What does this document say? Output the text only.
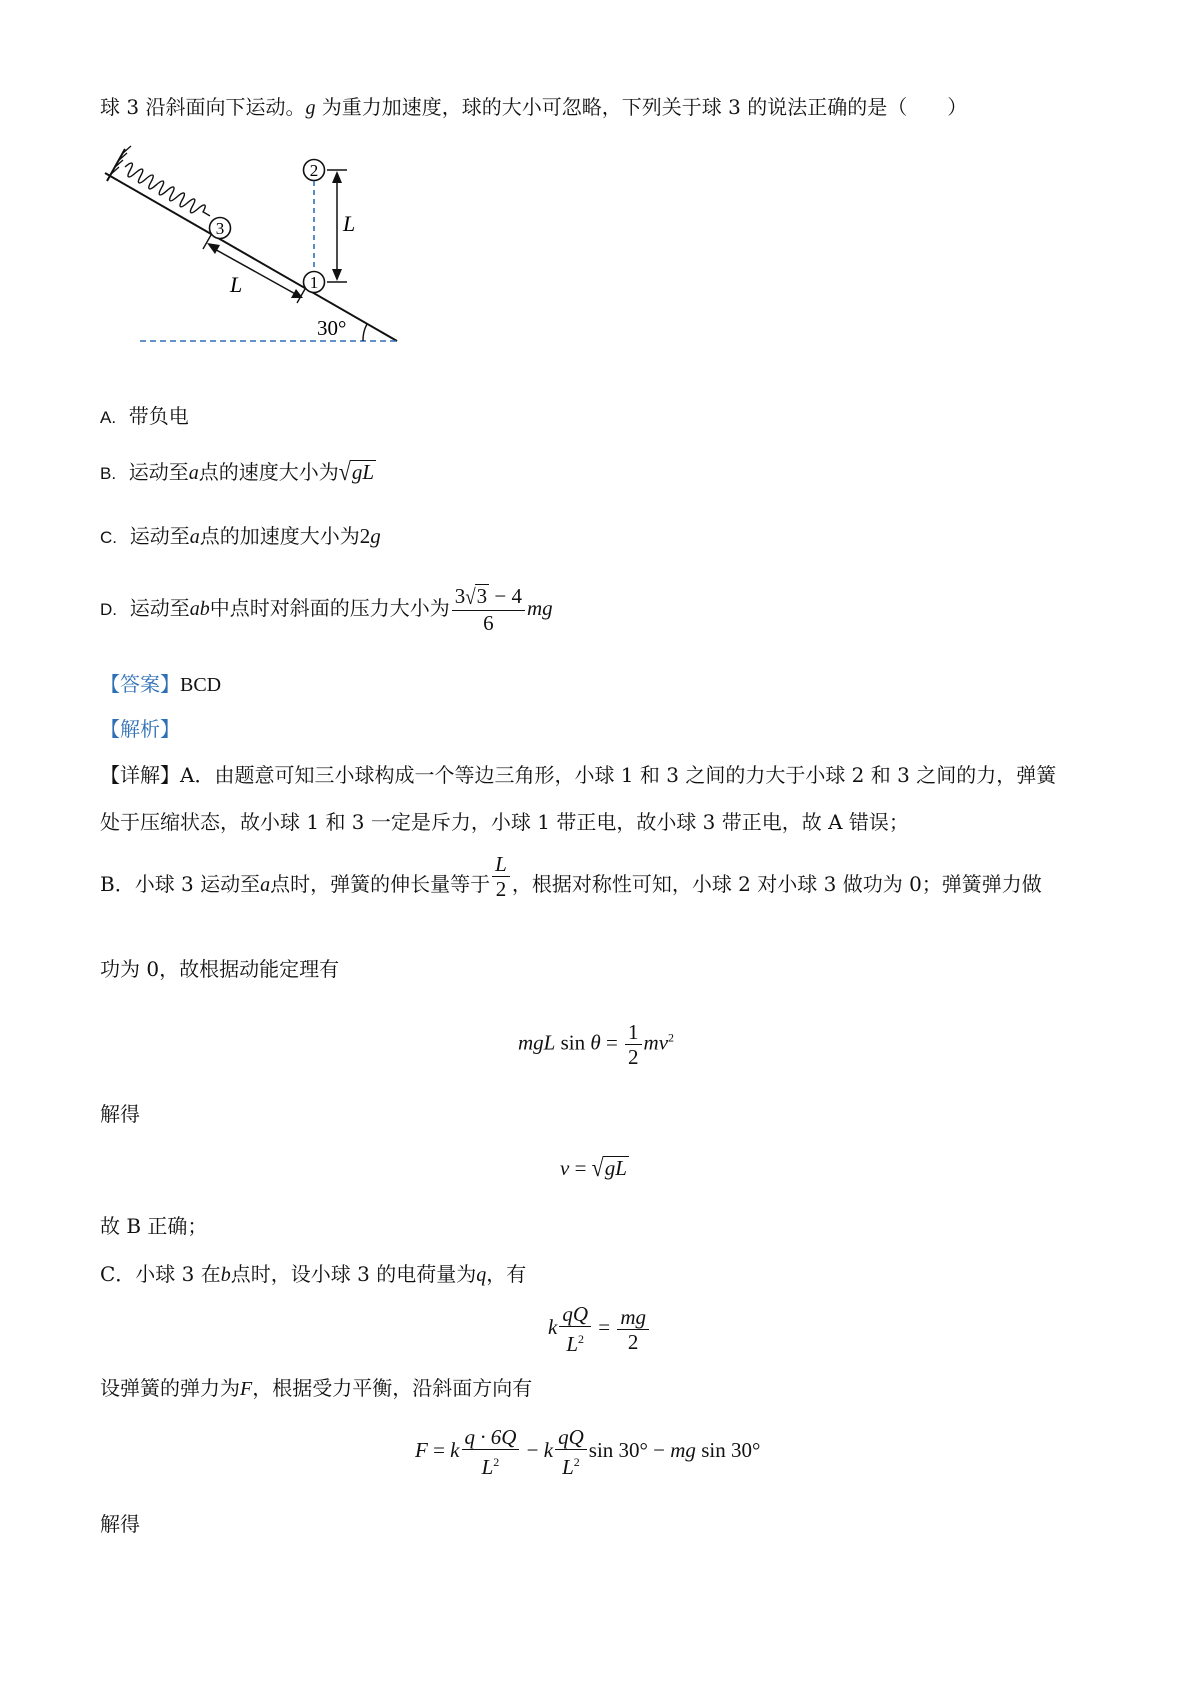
球 3 沿斜面向下运动。g 为重力加速度，球的大小可忽略，下列关于球 3 的说法正确的是（　　）
3
1
2
L
L
30°
A. 带负电
B. 运动至a点的速度大小为√gL
C. 运动至a点的加速度大小为2g
D. 运动至ab中点时对斜面的压力大小为 $\frac{3√3 - 4}{6}$ mg
【答案】BCD
【解析】
【详解】A．由题意可知三小球构成一个等边三角形，小球 1 和 3 之间的力大于小球 2 和 3 之间的力，弹簧
处于压缩状态，故小球 1 和 3 一定是斥力，小球 1 带正电，故小球 3 带正电，故 A 错误；
B．小球 3 运动至a点时，弹簧的伸长量等于 $\frac{L}{2}$ ，根据对称性可知，小球 2 对小球 3 做功为 0；弹簧弹力做
功为 0，故根据动能定理有
mgL $\sin \theta = \frac{1}{2} mv^2$
解得
v = √gL
故 B 正确；
C．小球 3 在b点时，设小球 3 的电荷量为q，有
k $\frac{qQ}{L^2} = \frac{mg}{2}$
设弹簧的弹力为F，根据受力平衡，沿斜面方向有
F = k $\frac{q \cdot 6Q}{L^2} - k \frac{qQ}{L^2}$ sin 30° − mg sin 30°
解得
